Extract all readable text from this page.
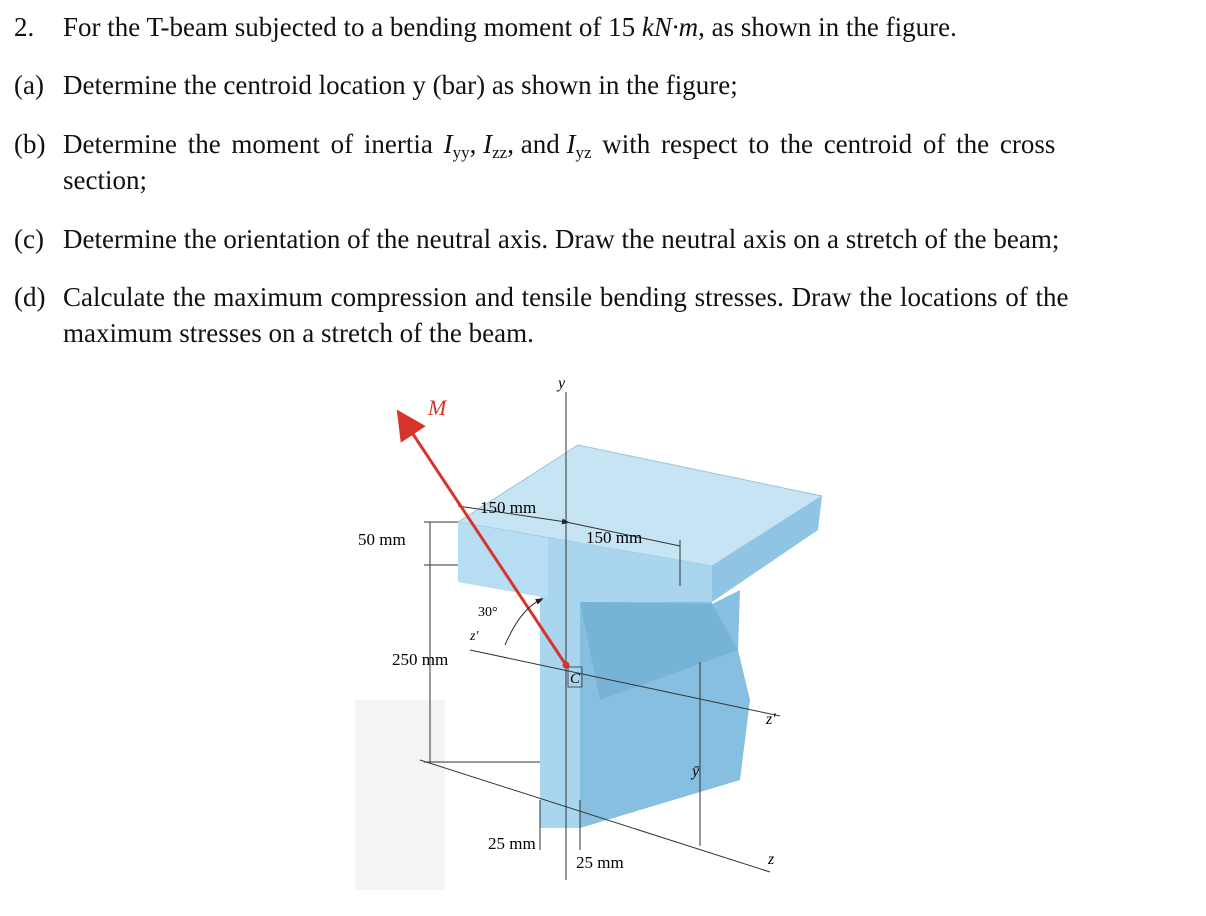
2. For the T-beam subjected to a bending moment of 15 kN·m, as shown in the figure.
(a) Determine the centroid location y (bar) as shown in the figure;
(b) Determine the moment of inertia $I_{yy}$, $I_{zz}$, and $I_{yz}$ with respect to the centroid of the cross
section;
(c) Determine the orientation of the neutral axis. Draw the neutral axis on a stretch of the beam;
(d) Calculate the maximum compression and tensile bending stresses. Draw the locations of the
maximum stresses on a stretch of the beam.
y
M
150 mm
150 mm
50 mm
250 mm
30°
z'
C
z'
ȳ
z
25 mm
25 mm
